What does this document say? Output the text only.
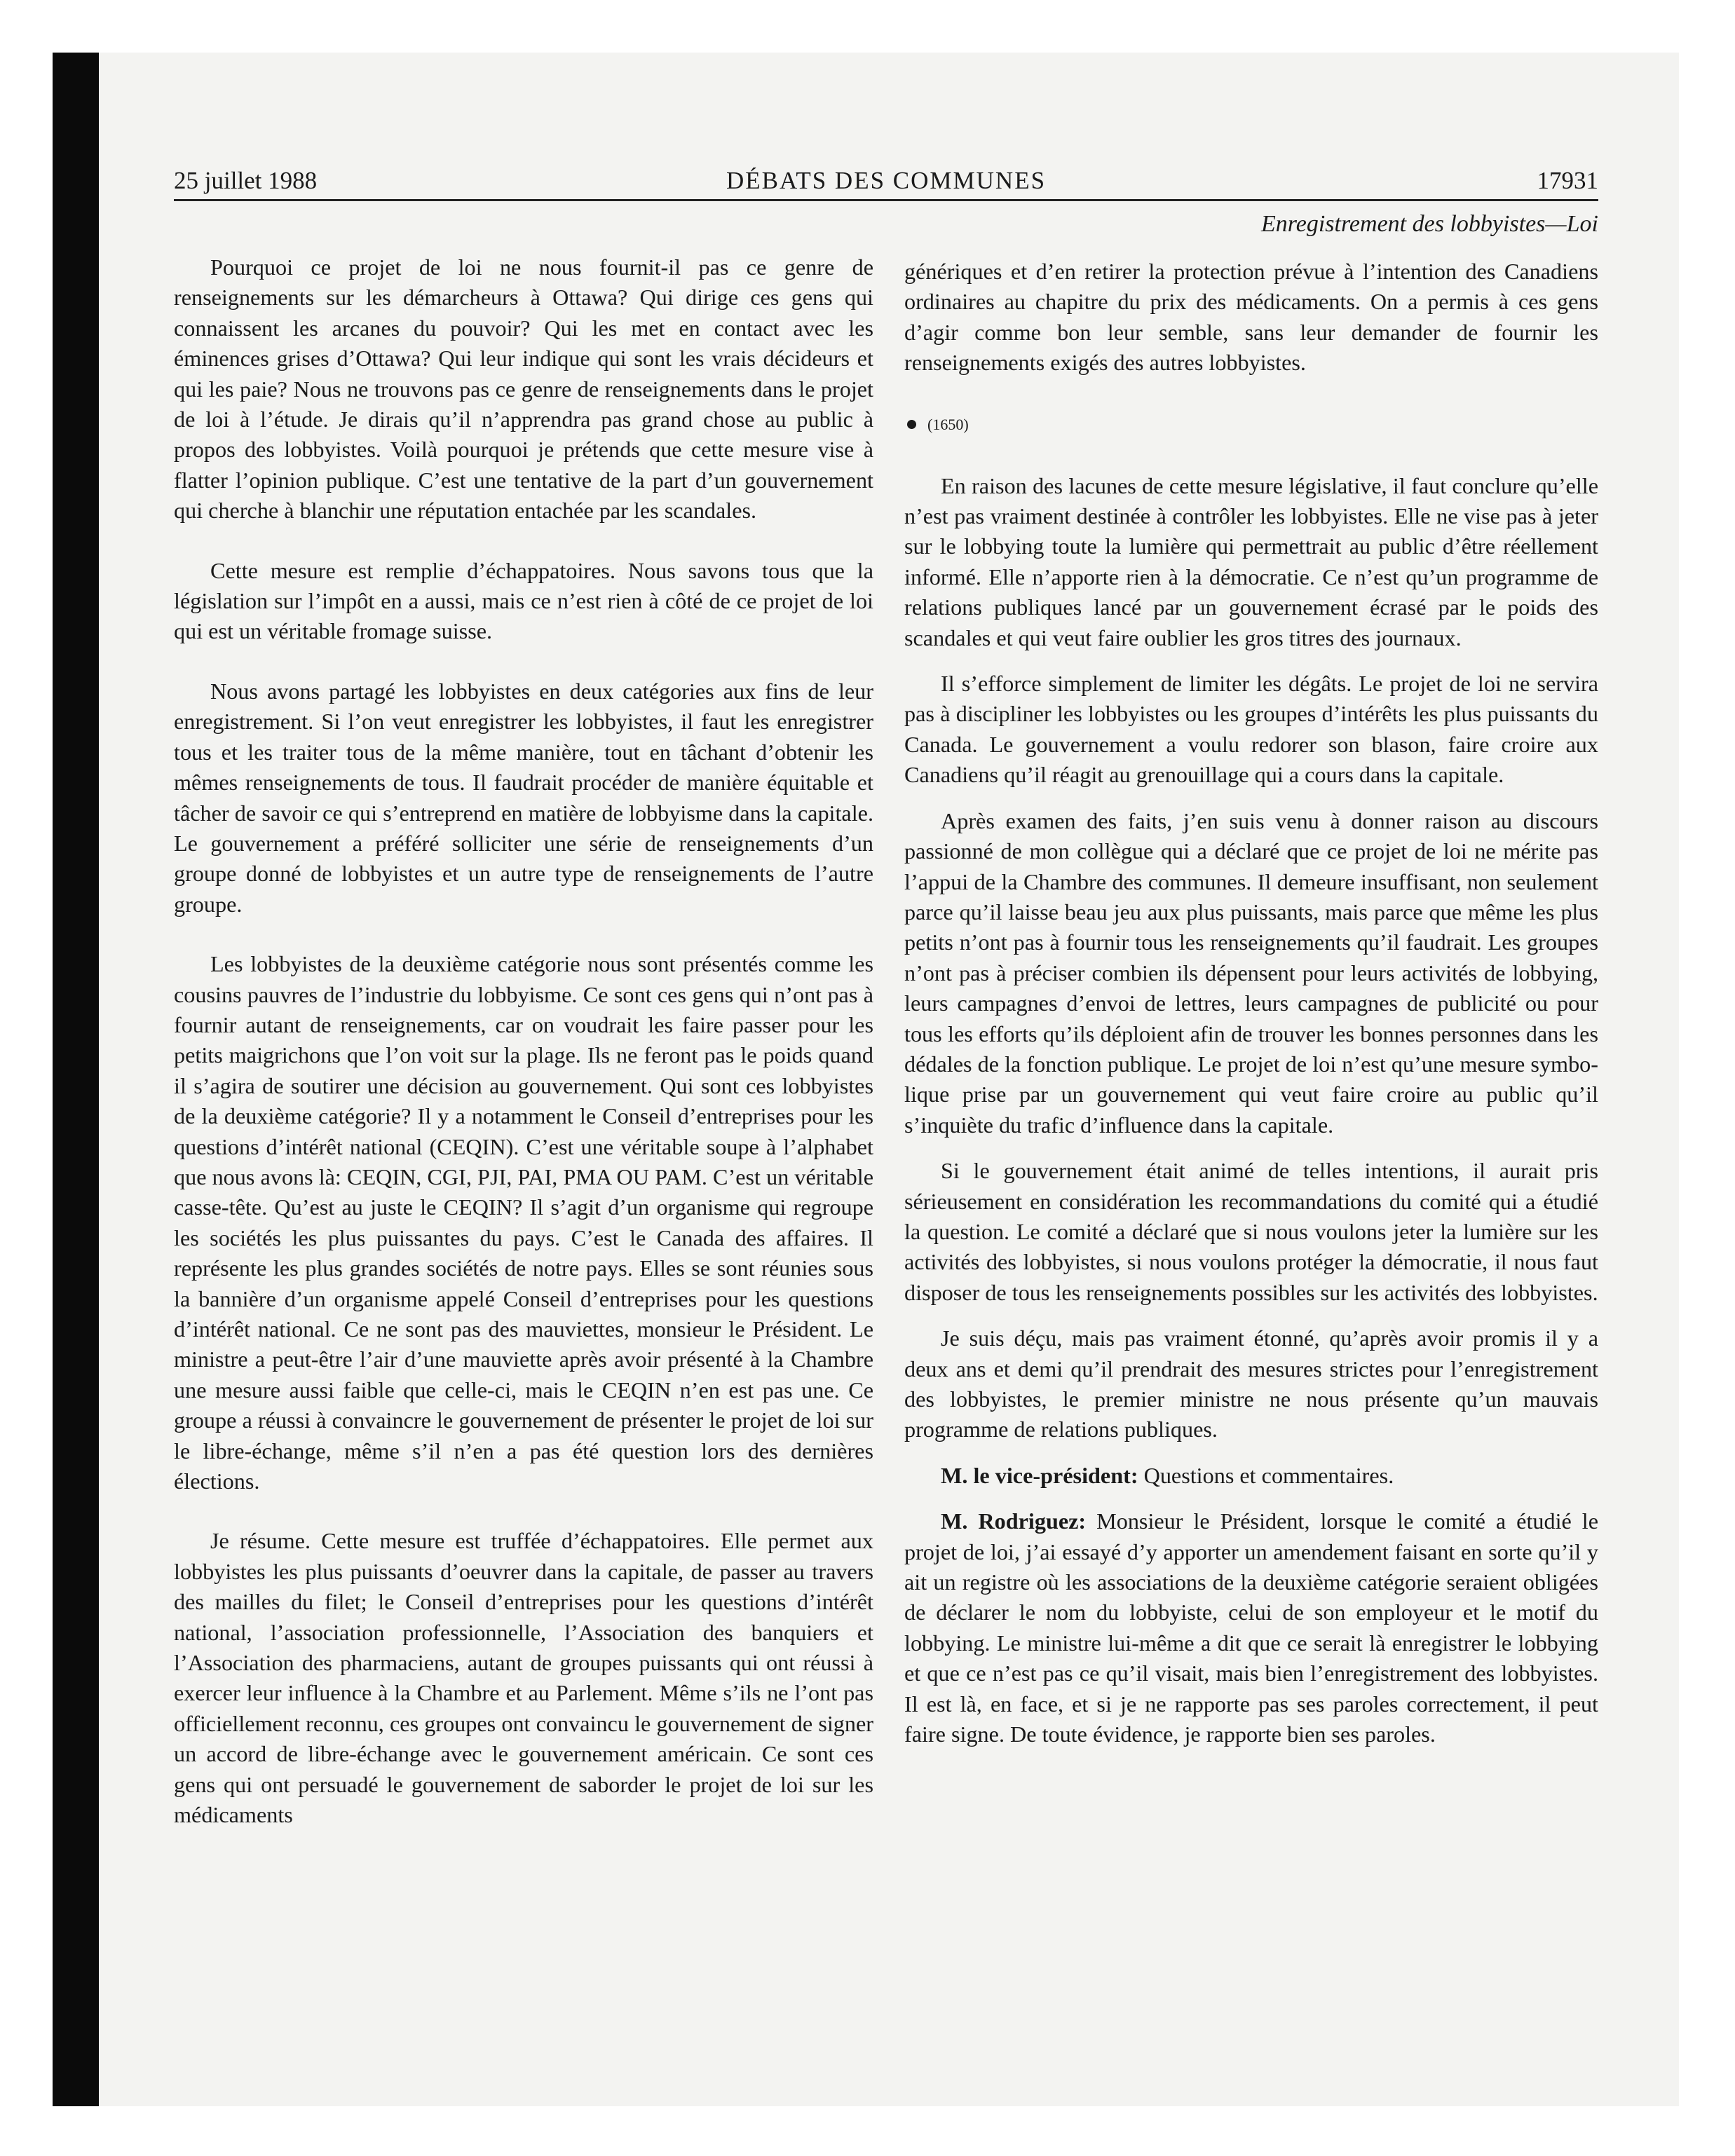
25 juillet 1988	DÉBATS DES COMMUNES	17931
Enregistrement des lobbyistes—Loi

Pourquoi ce projet de loi ne nous fournit-il pas ce genre de renseignements sur les démarcheurs à Ottawa? Qui dirige ces gens qui connaissent les arcanes du pouvoir? Qui les met en contact avec les éminences grises d’Ottawa? Qui leur indique qui sont les vrais décideurs et qui les paie? Nous ne trouvons pas ce genre de renseignements dans le projet de loi à l’étude. Je dirais qu’il n’apprendra pas grand chose au public à propos des lobbyistes. Voilà pourquoi je prétends que cette mesure vise à flatter l’opinion publique. C’est une tentative de la part d’un gouvernement qui cherche à blanchir une réputation entachée par les scandales.

Cette mesure est remplie d’échappatoires. Nous savons tous que la législation sur l’impôt en a aussi, mais ce n’est rien à côté de ce projet de loi qui est un véritable fromage suisse.

Nous avons partagé les lobbyistes en deux catégories aux fins de leur enregistrement. Si l’on veut enregistrer les lobbyistes, il faut les enregistrer tous et les traiter tous de la même manière, tout en tâchant d’obtenir les mêmes renseignements de tous. Il faudrait procéder de manière équitable et tâcher de savoir ce qui s’entreprend en matière de lobbyisme dans la capitale. Le gouvernement a préféré solliciter une série de renseignements d’un groupe donné de lobbyistes et un autre type de renseignements de l’autre groupe.

Les lobbyistes de la deuxième catégorie nous sont présentés comme les cousins pauvres de l’industrie du lobbyisme. Ce sont ces gens qui n’ont pas à fournir autant de renseignements, car on voudrait les faire passer pour les petits maigrichons que l’on voit sur la plage. Ils ne feront pas le poids quand il s’agira de soutirer une décision au gouvernement. Qui sont ces lobbyistes de la deuxième catégorie? Il y a notamment le Conseil d’entreprises pour les questions d’intérêt national (CEQIN). C’est une véritable soupe à l’alphabet que nous avons là: CEQIN, CGI, PJI, PAI, PMA OU PAM. C’est un véritable casse-tête. Qu’est au juste le CEQIN? Il s’agit d’un organisme qui regroupe les sociétés les plus puissantes du pays. C’est le Canada des affaires. Il représente les plus grandes sociétés de notre pays. Elles se sont réunies sous la bannière d’un organisme appelé Conseil d’entreprises pour les questions d’intérêt national. Ce ne sont pas des mauviettes, monsieur le Président. Le ministre a peut-être l’air d’une mauviette après avoir présenté à la Chambre une mesure aussi faible que celle-ci, mais le CEQIN n’en est pas une. Ce groupe a réussi à convaincre le gouvernement de présenter le projet de loi sur le libre-échange, même s’il n’en a pas été question lors des dernières élections.

Je résume. Cette mesure est truffée d’échappatoires. Elle permet aux lobbyistes les plus puissants d’oeuvrer dans la capitale, de passer au travers des mailles du filet; le Conseil d’entreprises pour les questions d’intérêt national, l’association professionnelle, l’Association des banquiers et l’Association des pharmaciens, autant de groupes puissants qui ont réussi à exercer leur influence à la Chambre et au Parlement. Même s’ils ne l’ont pas officiellement reconnu, ces groupes ont convaincu le gouvernement de signer un accord de libre-échange avec le gouvernement américain. Ce sont ces gens qui ont persuadé le gouvernement de saborder le projet de loi sur les médicaments

génériques et d’en retirer la protection prévue à l’intention des Canadiens ordinaires au chapitre du prix des médicaments. On a permis à ces gens d’agir comme bon leur semble, sans leur demander de fournir les renseignements exigés des autres lobbyistes.

(1650)

En raison des lacunes de cette mesure législative, il faut conclure qu’elle n’est pas vraiment destinée à contrôler les lobbyistes. Elle ne vise pas à jeter sur le lobbying toute la lumière qui permettrait au public d’être réellement informé. Elle n’apporte rien à la démocratie. Ce n’est qu’un programme de relations publiques lancé par un gouvernement écrasé par le poids des scandales et qui veut faire oublier les gros titres des journaux.

Il s’efforce simplement de limiter les dégâts. Le projet de loi ne servira pas à discipliner les lobbyistes ou les groupes d’intérêts les plus puissants du Canada. Le gouvernement a voulu redorer son blason, faire croire aux Canadiens qu’il réagit au grenouillage qui a cours dans la capitale.

Après examen des faits, j’en suis venu à donner raison au discours passionné de mon collègue qui a déclaré que ce projet de loi ne mérite pas l’appui de la Chambre des communes. Il demeure insuffisant, non seulement parce qu’il laisse beau jeu aux plus puissants, mais parce que même les plus petits n’ont pas à fournir tous les renseignements qu’il faudrait. Les groupes n’ont pas à préciser combien ils dépensent pour leurs activités de lobbying, leurs campagnes d’envoi de lettres, leurs campagnes de publicité ou pour tous les efforts qu’ils déploient afin de trouver les bonnes personnes dans les dédales de la fonction publique. Le projet de loi n’est qu’une mesure symbolique prise par un gouvernement qui veut faire croire au public qu’il s’inquiète du trafic d’influence dans la capitale.

Si le gouvernement était animé de telles intentions, il aurait pris sérieusement en considération les recommandations du comité qui a étudié la question. Le comité a déclaré que si nous voulons jeter la lumière sur les activités des lobbyistes, si nous voulons protéger la démocratie, il nous faut disposer de tous les renseignements possibles sur les activités des lobbyistes.

Je suis déçu, mais pas vraiment étonné, qu’après avoir promis il y a deux ans et demi qu’il prendrait des mesures strictes pour l’enregistrement des lobbyistes, le premier ministre ne nous présente qu’un mauvais programme de relations publiques.

M. le vice-président: Questions et commentaires.

M. Rodriguez: Monsieur le Président, lorsque le comité a étudié le projet de loi, j’ai essayé d’y apporter un amendement faisant en sorte qu’il y ait un registre où les associations de la deuxième catégorie seraient obligées de déclarer le nom du lobbyiste, celui de son employeur et le motif du lobbying. Le ministre lui-même a dit que ce serait là enregistrer le lobbying et que ce n’est pas ce qu’il visait, mais bien l’enregistrement des lobbyistes. Il est là, en face, et si je ne rapporte pas ses paroles correctement, il peut faire signe. De toute évidence, je rapporte bien ses paroles.
